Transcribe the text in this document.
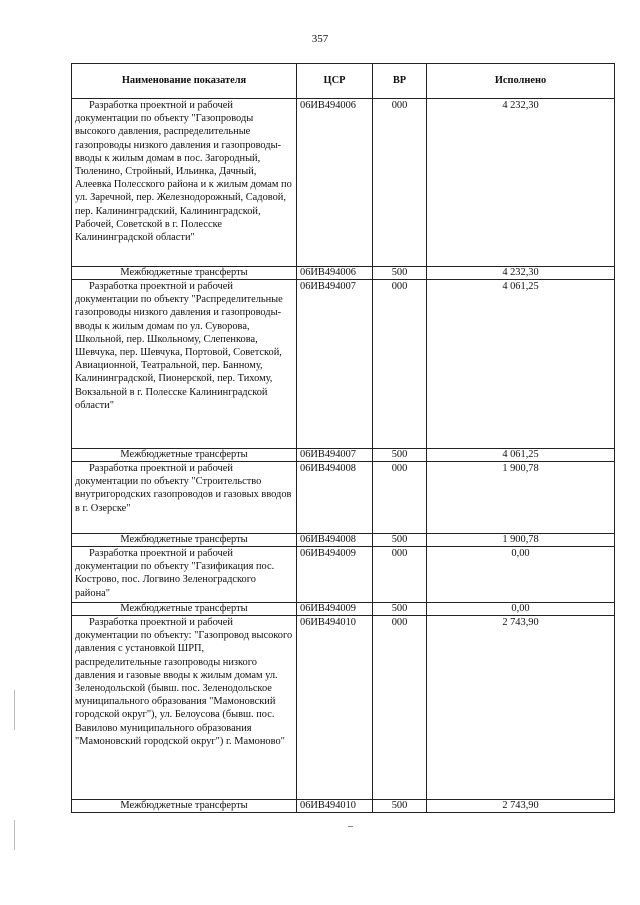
357
Наименование показателя	ЦСР	ВР	Исполнено

Разработка проектной и рабочей
документации по объекту "Газопроводы высокого давления, распределительные газопроводы низкого давления и газопроводы-вводы к жилым домам в пос. Загородный, Тюленино, Стройный, Ильинка, Дачный, Алеевка Полесского района и к жилым домам по ул. Заречной, пер. Железнодорожный, Садовой, пер. Калининградский, Калининградской, Рабочей, Советской в г. Полесске Калининградской области"	06ИВ494006	000	4 232,30
Межбюджетные трансферты	06ИВ494006	500	4 232,30

Разработка проектной и рабочей
документации по объекту "Распределительные газопроводы низкого давления и газопроводы-вводы к жилым домам по ул. Суворова, Школьной, пер. Школьному, Слепенкова, Шевчука, пер. Шевчука, Портовой, Советской, Авиационной, Театральной, пер. Банному, Калининградской, Пионерской, пер. Тихому, Вокзальной в г. Полесске Калининградской области"	06ИВ494007	000	4 061,25
Межбюджетные трансферты	06ИВ494007	500	4 061,25

Разработка проектной и рабочей
документации по объекту "Строительство внутригородских газопроводов и газовых вводов в г. Озерске"	06ИВ494008	000	1 900,78
Межбюджетные трансферты	06ИВ494008	500	1 900,78

Разработка проектной и рабочей
документации по объекту "Газификация пос. Кострово, пос. Логвино Зеленоградского района"	06ИВ494009	000	0,00
Межбюджетные трансферты	06ИВ494009	500	0,00

Разработка проектной и рабочей
документации по объекту: "Газопровод высокого давления с установкой ШРП, распределительные газопроводы низкого давления и газовые вводы к жилым домам ул. Зеленодольской (бывш. пос. Зеленодольское муниципального образования "Мамоновский городской округ"), ул. Белоусова (бывш. пос. Вавилово муниципального образования "Мамоновский городской округ") г. Мамоново"	06ИВ494010	000	2 743,90
Межбюджетные трансферты	06ИВ494010	500	2 743,90
